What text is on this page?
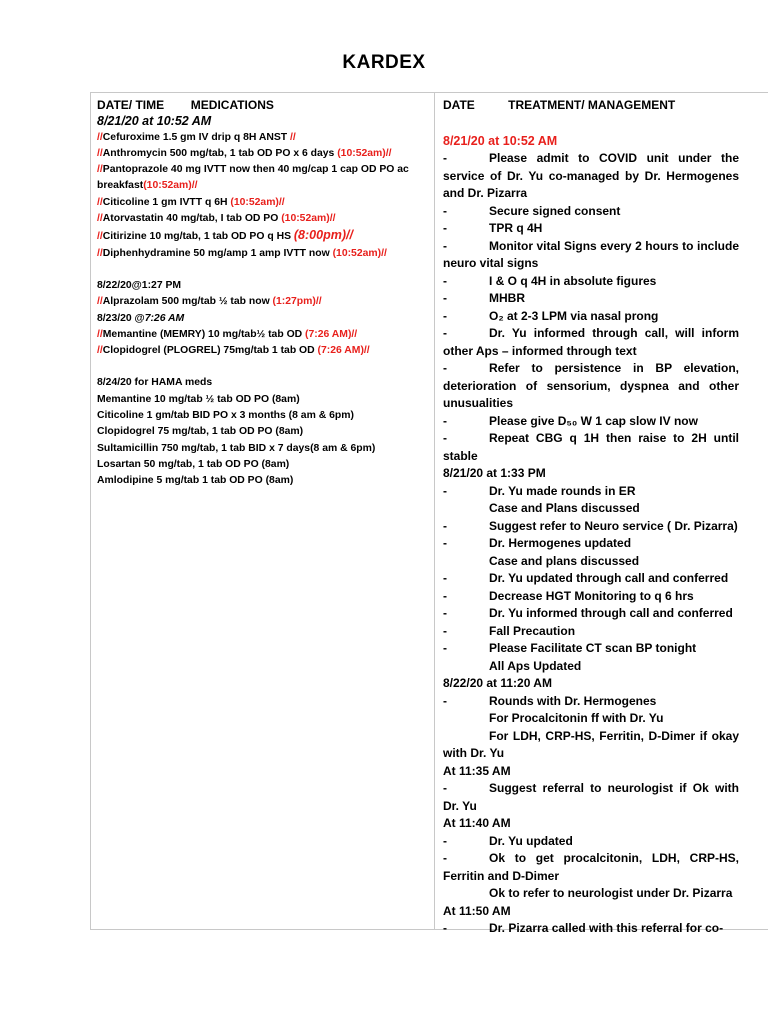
KARDEX
DATE/ TIME        MEDICATIONS
8/21/20 at 10:52 AM
//Cefuroxime 1.5 gm IV drip q 8H ANST //
//Anthromycin 500 mg/tab, 1 tab OD PO x 6 days (10:52am)//
//Pantoprazole 40 mg IVTT now then 40 mg/cap 1 cap OD PO ac
breakfast(10:52am)//
//Citicoline 1 gm IVTT q 6H (10:52am)//
//Atorvastatin 40 mg/tab, I tab OD PO (10:52am)//
//Citirizine 10 mg/tab, 1 tab OD PO q HS (8:00pm)//
//Diphenhydramine 50 mg/amp 1 amp IVTT now (10:52am)//
8/22/20@1:27 PM
//Alprazolam 500 mg/tab ½ tab now (1:27pm)//
8/23/20 @7:26 AM
//Memantine (MEMRY) 10 mg/tab½ tab OD (7:26 AM)//
//Clopidogrel (PLOGREL) 75mg/tab 1 tab OD (7:26 AM)//
8/24/20 for HAMA meds
Memantine 10 mg/tab ½ tab OD PO (8am)
Citicoline 1 gm/tab BID PO x 3 months (8 am & 6pm)
Clopidogrel 75 mg/tab, 1 tab OD PO (8am)
Sultamicillin 750 mg/tab, 1 tab BID x 7 days(8 am & 6pm)
Losartan 50 mg/tab, 1 tab OD PO (8am)
Amlodipine 5 mg/tab 1 tab OD PO (8am)
DATE          TREATMENT/ MANAGEMENT
8/21/20 at 10:52 AM
-	Please admit to COVID unit under the service of Dr. Yu co-managed by Dr. Hermogenes and Dr. Pizarra
-	Secure signed consent
-	TPR q 4H
-	Monitor vital Signs every 2 hours to include neuro vital signs
-	I & O q 4H in absolute figures
-	MHBR
-	O₂ at 2-3 LPM via nasal prong
-	Dr. Yu informed through call, will inform other Aps – informed through text
-	Refer to persistence in BP elevation, deterioration of sensorium, dyspnea and other unusualities
-	Please give D₅₀ W 1 cap slow IV now
-	Repeat CBG q 1H then raise to 2H until stable
8/21/20 at 1:33 PM
-	Dr. Yu made rounds in ER
Case and Plans discussed
-	Suggest refer to Neuro service ( Dr. Pizarra)
-	Dr. Hermogenes updated
Case and plans discussed
-	Dr. Yu updated through call and conferred
-	Decrease HGT Monitoring to q 6 hrs
-	Dr. Yu informed through call and conferred
-	Fall Precaution
-	Please Facilitate CT scan BP tonight
All Aps Updated
8/22/20 at 11:20 AM
-	Rounds with Dr. Hermogenes
For Procalcitonin ff with Dr. Yu
For LDH, CRP-HS, Ferritin, D-Dimer if okay with Dr. Yu
At 11:35 AM
-	Suggest referral to neurologist if Ok with Dr. Yu
At 11:40 AM
-	Dr. Yu updated
-	Ok to get procalcitonin, LDH, CRP-HS, Ferritin and D-Dimer
Ok to refer to neurologist under Dr. Pizarra
At 11:50 AM
-	Dr. Pizarra called with this referral for co-
